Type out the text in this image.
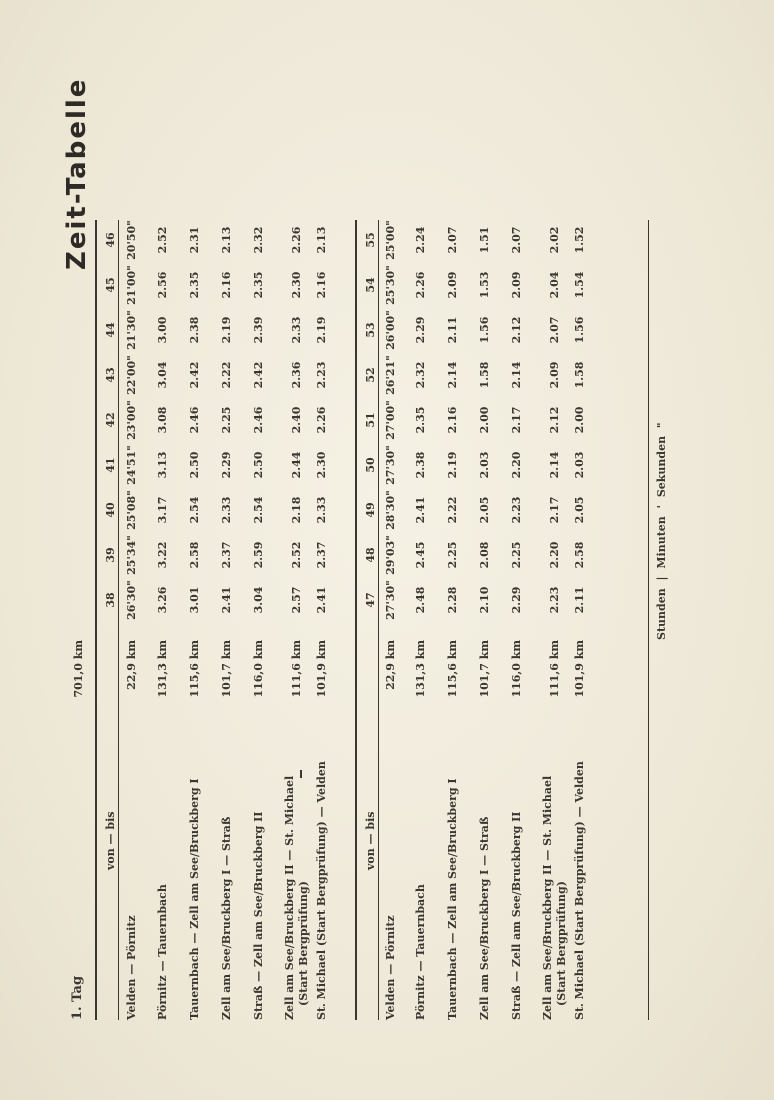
1. Tag
Zeit-Tabelle
Stunden | Minuten ' Sekunden "
von — bis
701,0 km
38
39
40
41
42
43
44
45
46
Velden — Pörnitz
22,9 km
26'30"
25'34"
25'08"
24'51"
23'00"
22'00"
21'30"
21'00"
20'50"
Pörnitz — Tauernbach
131,3 km
3.26
3.22
3.17
3.13
3.08
3.04
3.00
2.56
2.52
Tauernbach — Zell am See/Bruckberg I
115,6 km
3.01
2.58
2.54
2.50
2.46
2.42
2.38
2.35
2.31
Zell am See/Bruckberg I — Straß
101,7 km
2.41
2.37
2.33
2.29
2.25
2.22
2.19
2.16
2.13
Straß — Zell am See/Bruckberg II
116,0 km
3.04
2.59
2.54
2.50
2.46
2.42
2.39
2.35
2.32
Zell am See/Bruckberg II — St. Michael (Start Bergprüfung)
111,6 km
2.57
2.52
2.18
2.44
2.40
2.36
2.33
2.30
2.26
St. Michael (Start Bergprüfung) — Velden
101,9 km
2.41
2.37
2.33
2.30
2.26
2.23
2.19
2.16
2.13
von — bis
47
48
49
50
51
52
53
54
55
Velden — Pörnitz
22,9 km
27'30"
29'03"
28'30"
27'30"
27'00"
26'21"
26'00"
25'30"
25'00"
Pörnitz — Tauernbach
131,3 km
2.48
2.45
2.41
2.38
2.35
2.32
2.29
2.26
2.24
Tauernbach — Zell am See/Bruckberg I
115,6 km
2.28
2.25
2.22
2.19
2.16
2.14
2.11
2.09
2.07
Zell am See/Bruckberg I — Straß
101,7 km
2.10
2.08
2.05
2.03
2.00
1.58
1.56
1.53
1.51
Straß — Zell am See/Bruckberg II
116,0 km
2.29
2.25
2.23
2.20
2.17
2.14
2.12
2.09
2.07
Zell am See/Bruckberg II — St. Michael (Start Bergprüfung)
111,6 km
2.23
2.20
2.17
2.14
2.12
2.09
2.07
2.04
2.02
St. Michael (Start Bergprüfung) — Velden
101,9 km
2.11
2.58
2.05
2.03
2.00
1.58
1.56
1.54
1.52
